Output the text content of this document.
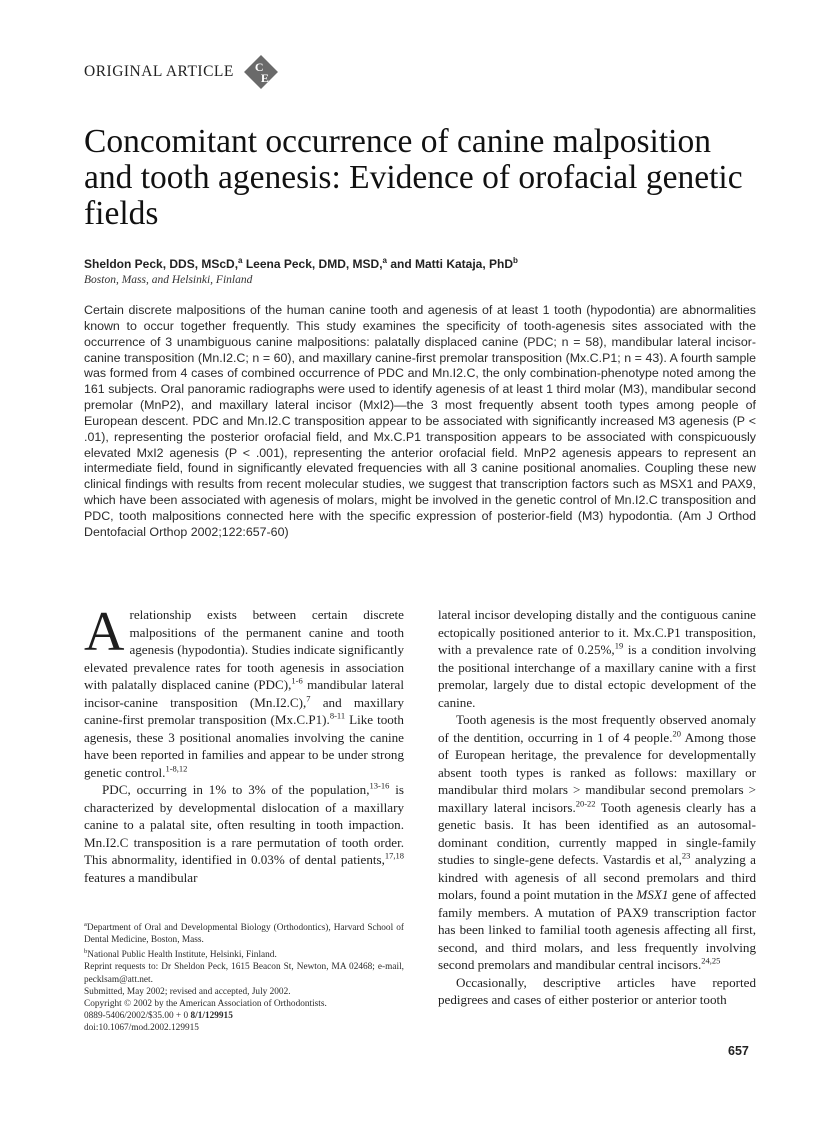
ORIGINAL ARTICLE C
E
Concomitant occurrence of canine malposition and tooth agenesis: Evidence of orofacial genetic fields
Sheldon Peck, DDS, MScD,$^a$ Leena Peck, DMD, MSD,$^a$ and Matti Kataja, PhD$^b$
Boston, Mass, and Helsinki, Finland
Certain discrete malpositions of the human canine tooth and agenesis of at least 1 tooth (hypodontia) are abnormalities known to occur together frequently. This study examines the specificity of tooth-agenesis sites associated with the occurrence of 3 unambiguous canine malpositions: palatally displaced canine (PDC; n = 58), mandibular lateral incisor-canine transposition (Mn.I2.C; n = 60), and maxillary canine-first premolar transposition (Mx.C.P1; n = 43). A fourth sample was formed from 4 cases of combined occurrence of PDC and Mn.I2.C, the only combination-phenotype noted among the 161 subjects. Oral panoramic radiographs were used to identify agenesis of at least 1 third molar (M3), mandibular second premolar (MnP2), and maxillary lateral incisor (MxI2)—the 3 most frequently absent tooth types among people of European descent. PDC and Mn.I2.C transposition appear to be associated with significantly increased M3 agenesis (P < .01), representing the posterior orofacial field, and Mx.C.P1 transposition appears to be associated with conspicuously elevated MxI2 agenesis (P < .001), representing the anterior orofacial field. MnP2 agenesis appears to represent an intermediate field, found in significantly elevated frequencies with all 3 canine positional anomalies. Coupling these new clinical findings with results from recent molecular studies, we suggest that transcription factors such as MSX1 and PAX9, which have been associated with agenesis of molars, might be involved in the genetic control of Mn.I2.C transposition and PDC, tooth malpositions connected here with the specific expression of posterior-field (M3) hypodontia. (Am J Orthod Dentofacial Orthop 2002;122:657-60)

Arelationship exists between certain discrete malpositions of the permanent canine and tooth agenesis (hypodontia). Studies indicate significantly elevated prevalence rates for tooth agenesis in association with palatally displaced canine (PDC),$^{1-6}$ mandibular lateral incisor-canine transposition (Mn.I2.C),$^7$ and maxillary canine-first premolar transposition (Mx.C.P1).$^{8-11}$ Like tooth agenesis, these 3 positional anomalies involving the canine have been reported in families and appear to be under strong genetic control.$^{1-8,12}$

PDC, occurring in 1% to 3% of the population,$^{13-16}$ is characterized by developmental dislocation of a maxillary canine to a palatal site, often resulting in tooth impaction. Mn.I2.C transposition is a rare permutation of tooth order. This abnormality, identified in 0.03% of dental patients,$^{17,18}$ features a mandibular

$^a$Department of Oral and Developmental Biology (Orthodontics), Harvard School of Dental Medicine, Boston, Mass.

$^b$National Public Health Institute, Helsinki, Finland.

Reprint requests to: Dr Sheldon Peck, 1615 Beacon St, Newton, MA 02468; e-mail, pecklsam@att.net.

Submitted, May 2002; revised and accepted, July 2002.

Copyright © 2002 by the American Association of Orthodontists.

0889-5406/2002/$35.00 + 0 8/1/129915

doi:10.1067/mod.2002.129915

lateral incisor developing distally and the contiguous canine ectopically positioned anterior to it. Mx.C.P1 transposition, with a prevalence rate of 0.25%,$^{19}$ is a condition involving the positional interchange of a maxillary canine with a first premolar, largely due to distal ectopic development of the canine.

Tooth agenesis is the most frequently observed anomaly of the dentition, occurring in 1 of 4 people.$^{20}$ Among those of European heritage, the prevalence for developmentally absent tooth types is ranked as follows: maxillary or mandibular third molars > mandibular second premolars > maxillary lateral incisors.$^{20-22}$ Tooth agenesis clearly has a genetic basis. It has been identified as an autosomal-dominant condition, currently mapped in single-family studies to single-gene defects. Vastardis et al,$^{23}$ analyzing a kindred with agenesis of all second premolars and third molars, found a point mutation in the MSX1 gene of affected family members. A mutation of PAX9 transcription factor has been linked to familial tooth agenesis affecting all first, second, and third molars, and less frequently involving second premolars and mandibular central incisors.$^{24,25}$

Occasionally, descriptive articles have reported pedigrees and cases of either posterior or anterior tooth

657
